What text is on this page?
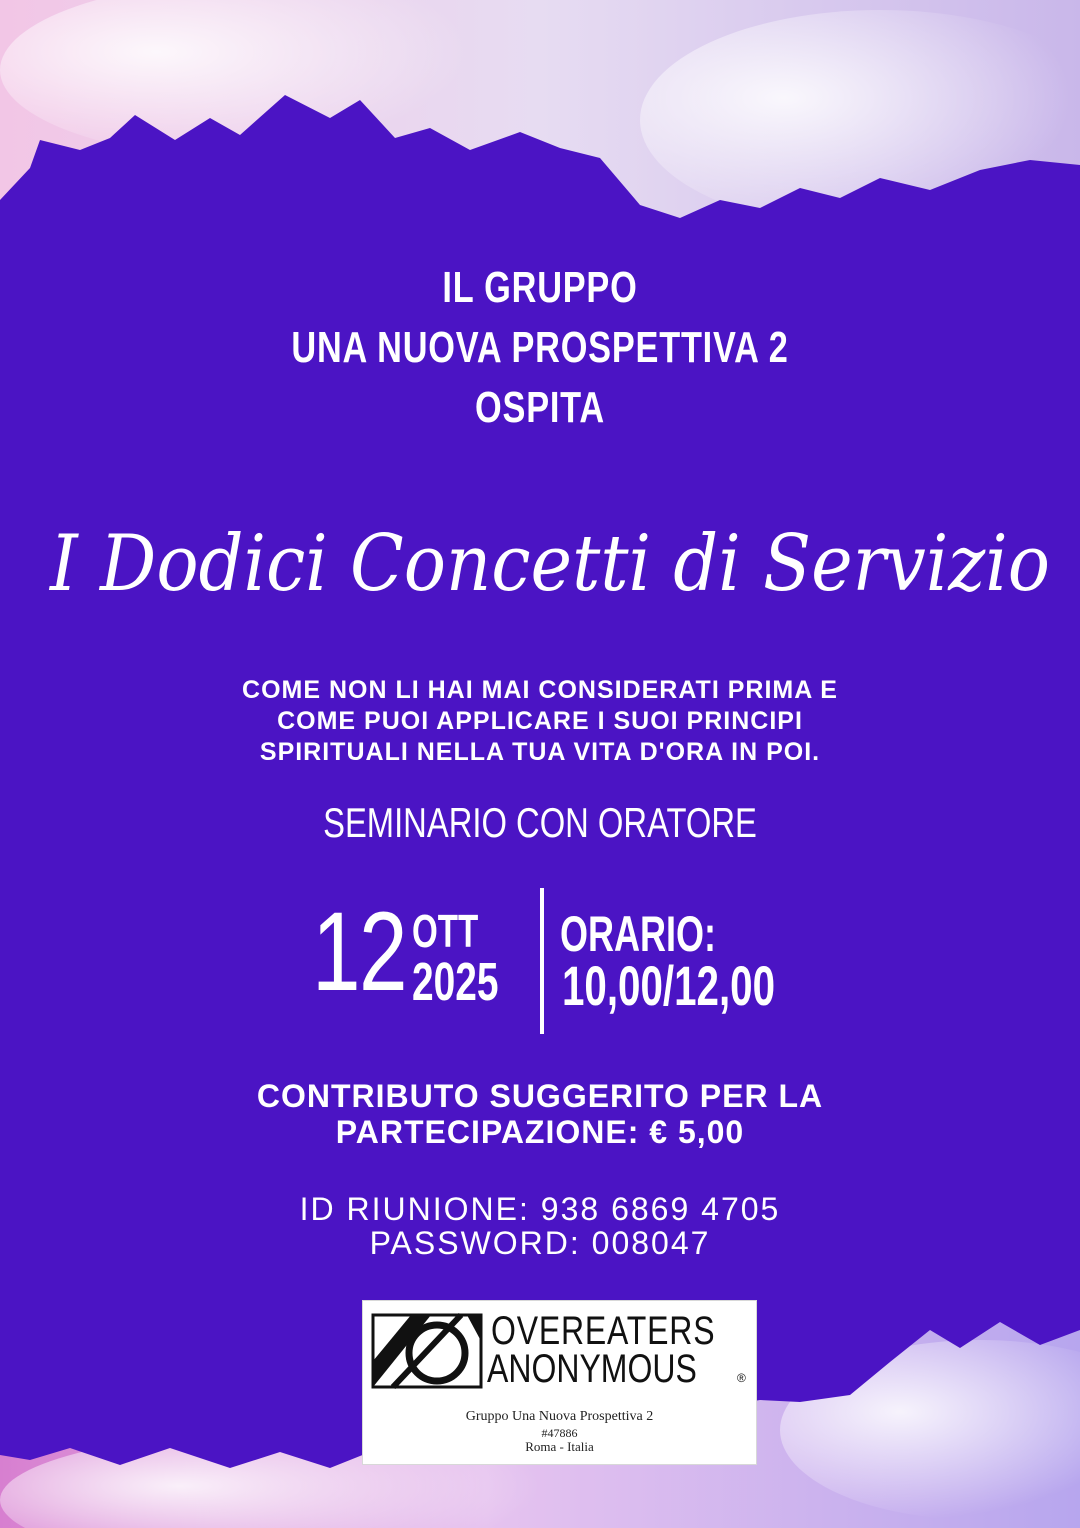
IL GRUPPO
UNA NUOVA PROSPETTIVA 2
OSPITA
I Dodici Concetti di Servizio
COME NON LI HAI MAI CONSIDERATI PRIMA E
COME PUOI APPLICARE I SUOI PRINCIPI
SPIRITUALI NELLA TUA VITA D'ORA IN POI.
SEMINARIO CON ORATORE
12 OTT
2025
ORARIO:
10,00/12,00
CONTRIBUTO SUGGERITO PER LA
PARTECIPAZIONE: € 5,00
ID RIUNIONE: 938 6869 4705
PASSWORD: 008047
OVEREATERS
ANONYMOUS	®
Gruppo Una Nuova Prospettiva 2
#47886
Roma - Italia
